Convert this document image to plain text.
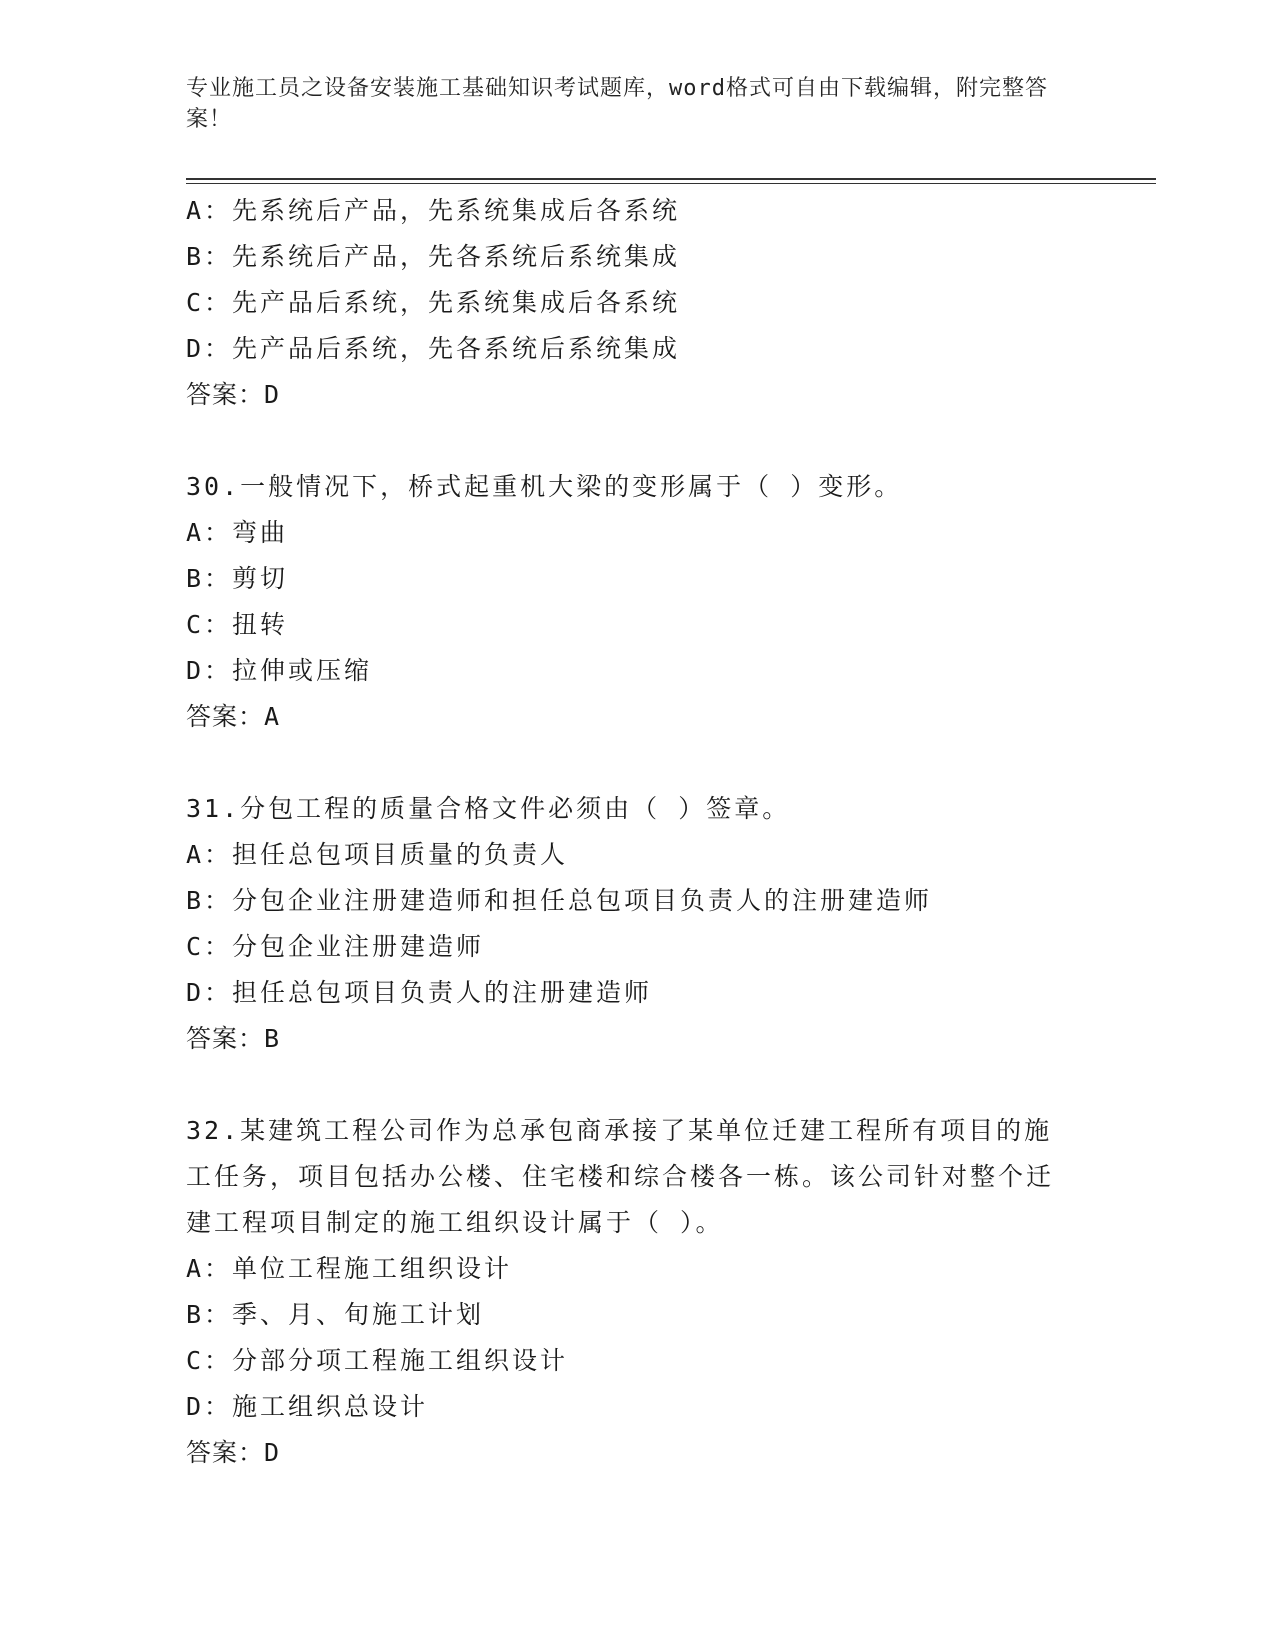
专业施工员之设备安装施工基础知识考试题库，word格式可自由下载编辑，附完整答案！
A：先系统后产品，先系统集成后各系统
B：先系统后产品，先各系统后系统集成
C：先产品后系统，先系统集成后各系统
D：先产品后系统，先各系统后系统集成
答案：D
30.一般情况下，桥式起重机大梁的变形属于（ ）变形。
A：弯曲
B：剪切
C：扭转
D：拉伸或压缩
答案：A
31.分包工程的质量合格文件必须由（ ）签章。
A：担任总包项目质量的负责人
B：分包企业注册建造师和担任总包项目负责人的注册建造师
C：分包企业注册建造师
D：担任总包项目负责人的注册建造师
答案：B
32.某建筑工程公司作为总承包商承接了某单位迁建工程所有项目的施工任务，项目包括办公楼、住宅楼和综合楼各一栋。该公司针对整个迁建工程项目制定的施工组织设计属于（ ）。
A：单位工程施工组织设计
B：季、月、旬施工计划
C：分部分项工程施工组织设计
D：施工组织总设计
答案：D
